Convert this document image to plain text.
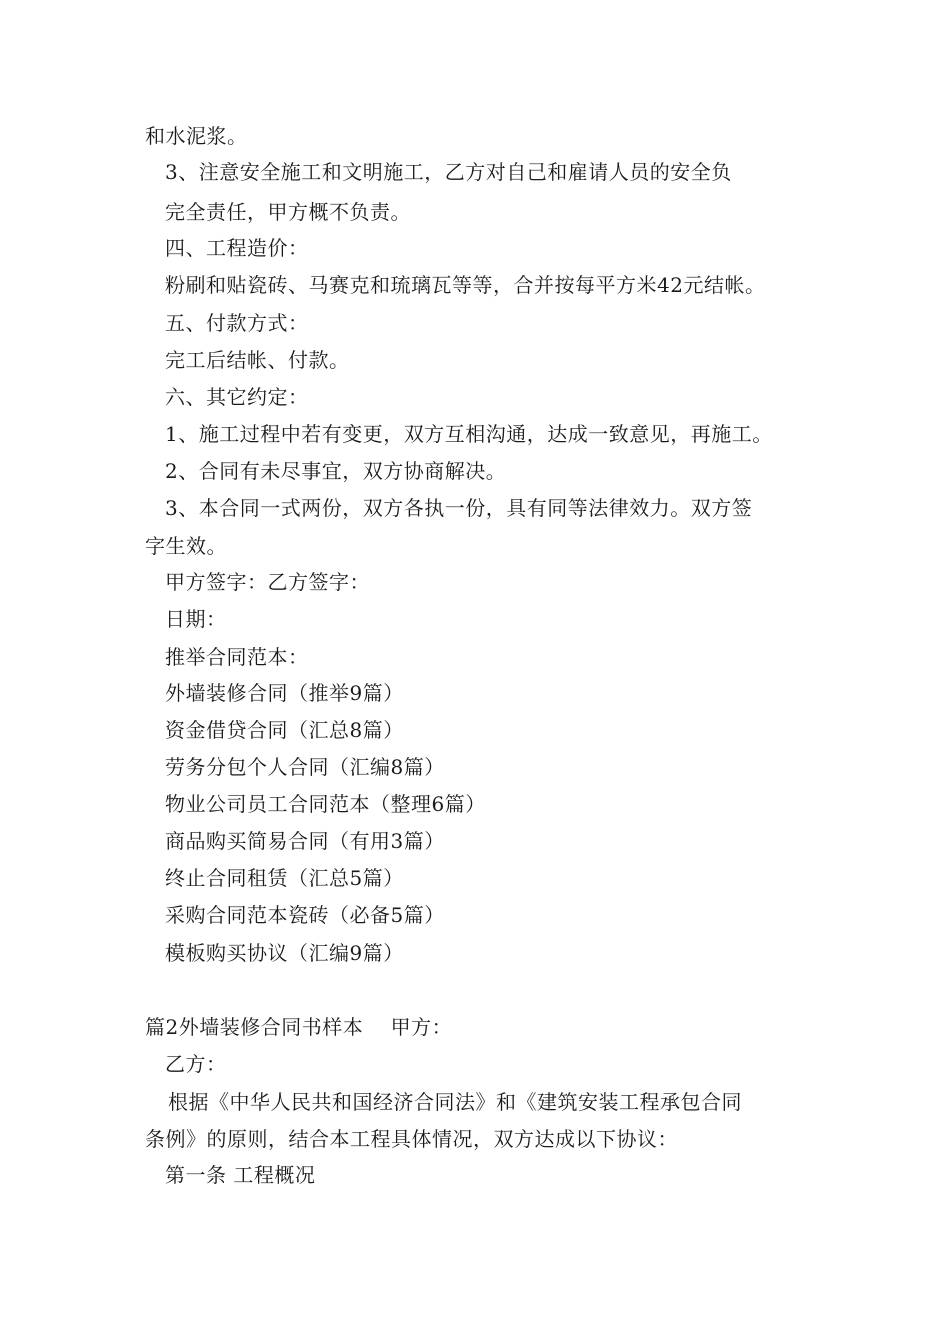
和水泥浆。
3、注意安全施工和文明施工，乙方对自己和雇请人员的安全负
完全责任，甲方概不负责。
四、工程造价：
粉刷和贴瓷砖、马赛克和琉璃瓦等等，合并按每平方米42元结帐。
五、付款方式：
完工后结帐、付款。
六、其它约定：
1、施工过程中若有变更，双方互相沟通，达成一致意见，再施工。
2、合同有未尽事宜，双方协商解决。
3、本合同一式两份，双方各执一份，具有同等法律效力。双方签
字生效。
甲方签字：乙方签字：
日期：
推举合同范本：
外墙装修合同（推举9篇）
资金借贷合同（汇总8篇）
劳务分包个人合同（汇编8篇）
物业公司员工合同范本（整理6篇）
商品购买简易合同（有用3篇）
终止合同租赁（汇总5篇）
采购合同范本瓷砖（必备5篇）
模板购买协议（汇编9篇）
篇2外墙装修合同书样本    甲方：
乙方：
根据《中华人民共和国经济合同法》和《建筑安装工程承包合同
条例》的原则，结合本工程具体情况，双方达成以下协议：
第一条 工程概况
